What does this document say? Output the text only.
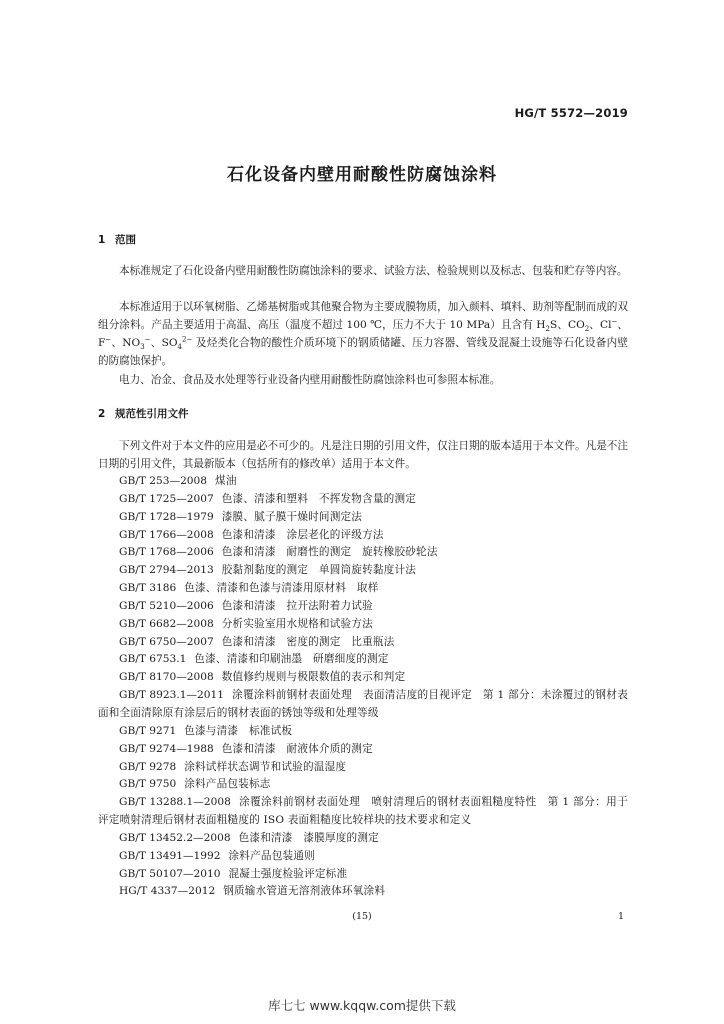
HG/T 5572—2019
石化设备内壁用耐酸性防腐蚀涂料
1 范围

本标准规定了石化设备内壁用耐酸性防腐蚀涂料的要求、试验方法、检验规则以及标志、包装和贮存等内容。

本标准适用于以环氧树脂、乙烯基树脂或其他聚合物为主要成膜物质，加入颜料、填料、助剂等配制而成的双组分涂料。产品主要适用于高温、高压（温度不超过 100 ℃，压力不大于 10 MPa）且含有 $H_2S$、$CO_2$、Cl−、F−、$NO_3^-$、$SO_4^{2-}$ 及烃类化合物的酸性介质环境下的钢质储罐、压力容器、管线及混凝土设施等石化设备内壁的防腐蚀保护。

电力、冶金、食品及水处理等行业设备内壁用耐酸性防腐蚀涂料也可参照本标准。

2 规范性引用文件

下列文件对于本文件的应用是必不可少的。凡是注日期的引用文件，仅注日期的版本适用于本文件。凡是不注日期的引用文件，其最新版本（包括所有的修改单）适用于本文件。

GB/T 253—2008 煤油
GB/T 1725—2007 色漆、清漆和塑料　不挥发物含量的测定
GB/T 1728—1979 漆膜、腻子膜干燥时间测定法
GB/T 1766—2008 色漆和清漆　涂层老化的评级方法
GB/T 1768—2006 色漆和清漆　耐磨性的测定　旋转橡胶砂轮法
GB/T 2794—2013 胶黏剂黏度的测定　单圆筒旋转黏度计法
GB/T 3186 色漆、清漆和色漆与清漆用原材料　取样
GB/T 5210—2006 色漆和清漆　拉开法附着力试验
GB/T 6682—2008 分析实验室用水规格和试验方法
GB/T 6750—2007 色漆和清漆　密度的测定　比重瓶法
GB/T 6753.1 色漆、清漆和印刷油墨　研磨细度的测定
GB/T 8170—2008 数值修约规则与极限数值的表示和判定
GB/T 8923.1—2011 涂覆涂料前钢材表面处理　表面清洁度的目视评定　第 1 部分：未涂覆过的钢材表面和全面清除原有涂层后的钢材表面的锈蚀等级和处理等级
GB/T 9271 色漆与清漆　标准试板
GB/T 9274—1988 色漆和清漆　耐液体介质的测定
GB/T 9278 涂料试样状态调节和试验的温湿度
GB/T 9750 涂料产品包装标志
GB/T 13288.1—2008 涂覆涂料前钢材表面处理　喷射清理后的钢材表面粗糙度特性　第 1 部分：用于评定喷射清理后钢材表面粗糙度的 ISO 表面粗糙度比较样块的技术要求和定义
GB/T 13452.2—2008 色漆和清漆　漆膜厚度的测定
GB/T 13491—1992 涂料产品包装通则
GB/T 50107—2010 混凝土强度检验评定标准
HG/T 4337—2012 钢质输水管道无溶剂液体环氧涂料
(15)	1
库七七 www.kqqw.com提供下载
